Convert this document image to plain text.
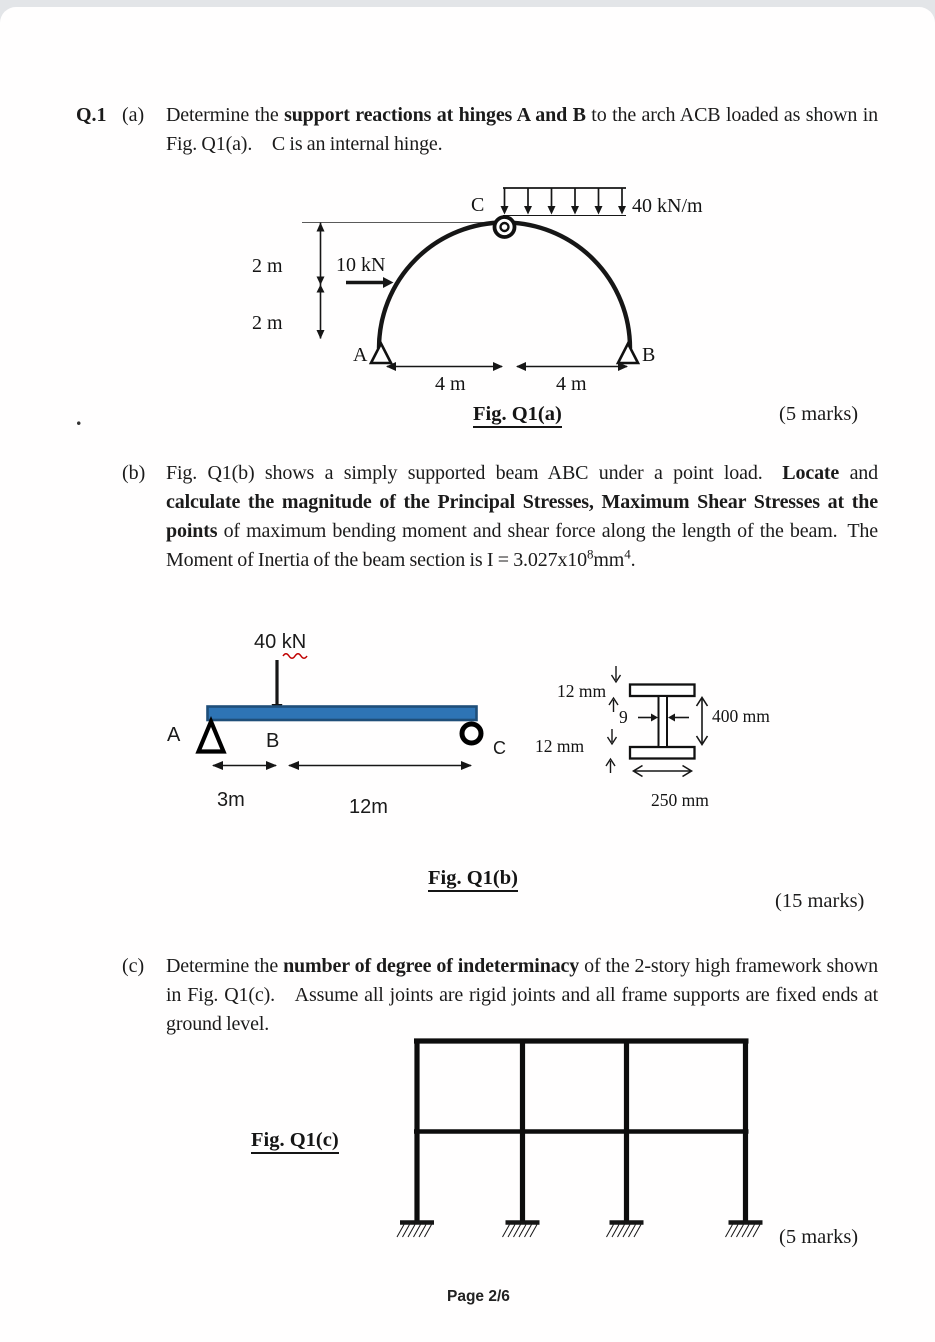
Q.1 (a) Determine the support reactions at hinges A and B to the arch ACB loaded as shown in Fig. Q1(a).  C is an internal hinge.
40 kN/m
C
2 m
2 m
10 kN
A	B
4 m	4 m
Fig. Q1(a)	(5 marks)
.
(b) Fig. Q1(b) shows a simply supported beam ABC under a point load.  Locate and calculate the magnitude of the Principal Stresses, Maximum Shear Stresses at the points of maximum bending moment and shear force along the length of the beam. The Moment of Inertia of the beam section is $I = 3.027x10^8mm^4$.
40 kN
A	B	C
3m	12m
12 mm
9	400 mm
12 mm
250 mm
Fig. Q1(b)
(15 marks)
(c) Determine the number of degree of indeterminacy of the 2-story high framework shown in Fig. Q1(c).  Assume all joints are rigid joints and all frame supports are fixed ends at ground level.
Fig. Q1(c)
(5 marks)
Page 2/6
